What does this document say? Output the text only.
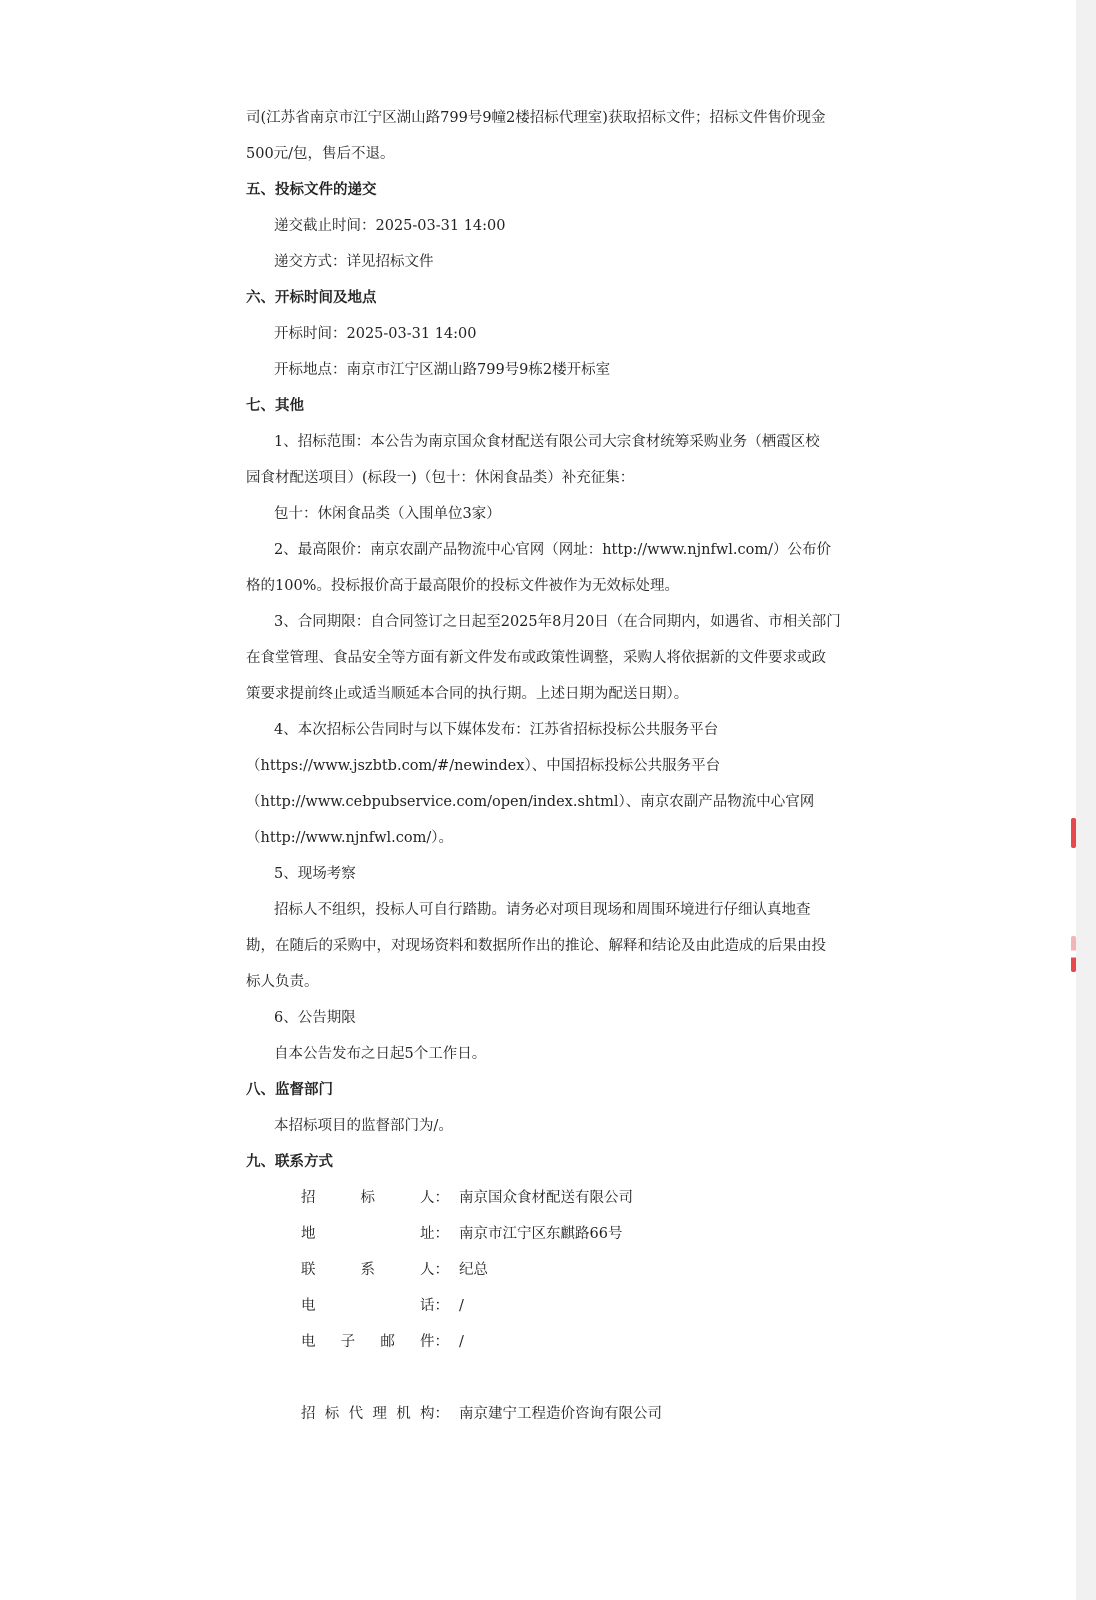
司(江苏省南京市江宁区湖山路799号9幢2楼招标代理室)获取招标文件；招标文件售价现金
500元/包，售后不退。
五、投标文件的递交
递交截止时间：2025-03-31 14:00
递交方式：详见招标文件
六、开标时间及地点
开标时间：2025-03-31 14:00
开标地点：南京市江宁区湖山路799号9栋2楼开标室
七、其他
1、招标范围：本公告为南京国众食材配送有限公司大宗食材统筹采购业务（栖霞区校
园食材配送项目）(标段一)（包十：休闲食品类）补充征集：
包十：休闲食品类（入围单位3家）
2、最高限价：南京农副产品物流中心官网（网址：http://www.njnfwl.com/）公布价
格的100%。投标报价高于最高限价的投标文件被作为无效标处理。
3、合同期限：自合同签订之日起至2025年8月20日（在合同期内，如遇省、市相关部门
在食堂管理、食品安全等方面有新文件发布或政策性调整，采购人将依据新的文件要求或政
策要求提前终止或适当顺延本合同的执行期。上述日期为配送日期）。
4、本次招标公告同时与以下媒体发布：江苏省招标投标公共服务平台
（https://www.jszbtb.com/#/newindex）、中国招标投标公共服务平台
（http://www.cebpubservice.com/open/index.shtml）、南京农副产品物流中心官网
（http://www.njnfwl.com/）。
5、现场考察
招标人不组织，投标人可自行踏勘。请务必对项目现场和周围环境进行仔细认真地查
勘，在随后的采购中，对现场资料和数据所作出的推论、解释和结论及由此造成的后果由投
标人负责。
6、公告期限
自本公告发布之日起5个工作日。
八、监督部门
本招标项目的监督部门为/。
九、联系方式
招	标	人： 南京国众食材配送有限公司
地	址： 南京市江宁区东麒路66号
联	系	人： 纪总
电	话： /
电 子 邮 件： /
招 标 代 理 机 构： 南京建宁工程造价咨询有限公司
